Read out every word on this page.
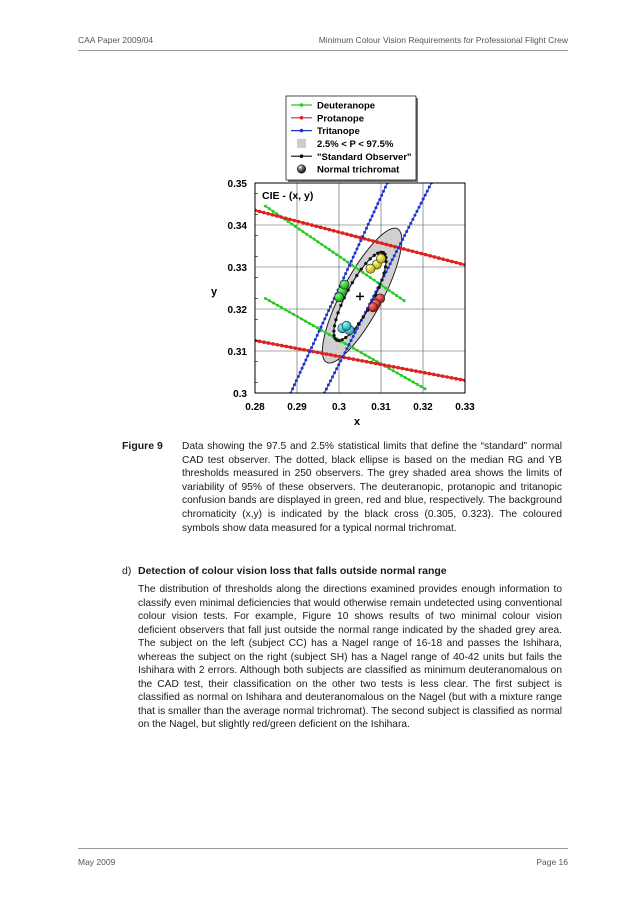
CAA Paper 2009/04	Minimum Colour Vision Requirements for Professional Flight Crew
Deuteranope
Protanope
Tritanope
2.5% < P < 97.5%
"Standard Observer"
Normal trichromat
0.28 0.29	0.3	0.31 0.32 0.33
0.3
0.31
0.32
0.33
0.34
0.35
CIE - (x, y)
x
y
Figure 9 Data showing the 97.5 and 2.5% statistical limits that define the “standard” normal CAD test observer. The dotted, black ellipse is based on the median RG and YB thresholds measured in 250 observers. The grey shaded area shows the limits of variability of 95% of these observers. The deuteranopic, protanopic and tritanopic confusion bands are displayed in green, red and blue, respectively. The background chromaticity (x,y) is indicated by the black cross (0.305, 0.323). The coloured symbols show data measured for a typical normal trichromat.
d) Detection of colour vision loss that falls outside normal range
The distribution of thresholds along the directions examined provides enough information to classify even minimal deficiencies that would otherwise remain undetected using conventional colour vision tests. For example, Figure 10 shows results of two minimal colour vision deficient observers that fall just outside the normal range indicated by the shaded grey area. The subject on the left (subject CC) has a Nagel range of 16-18 and passes the Ishihara, whereas the subject on the right (subject SH) has a Nagel range of 40-42 units but fails the Ishihara with 2 errors. Although both subjects are classified as minimum deuteranomalous on the CAD test, their classification on the other two tests is less clear. The first subject is classified as normal on Ishihara and deuteranomalous on the Nagel (but with a mixture range that is smaller than the average normal trichromat). The second subject is classified as normal on the Nagel, but slightly red/green deficient on the Ishihara.
May 2009	Page 16
